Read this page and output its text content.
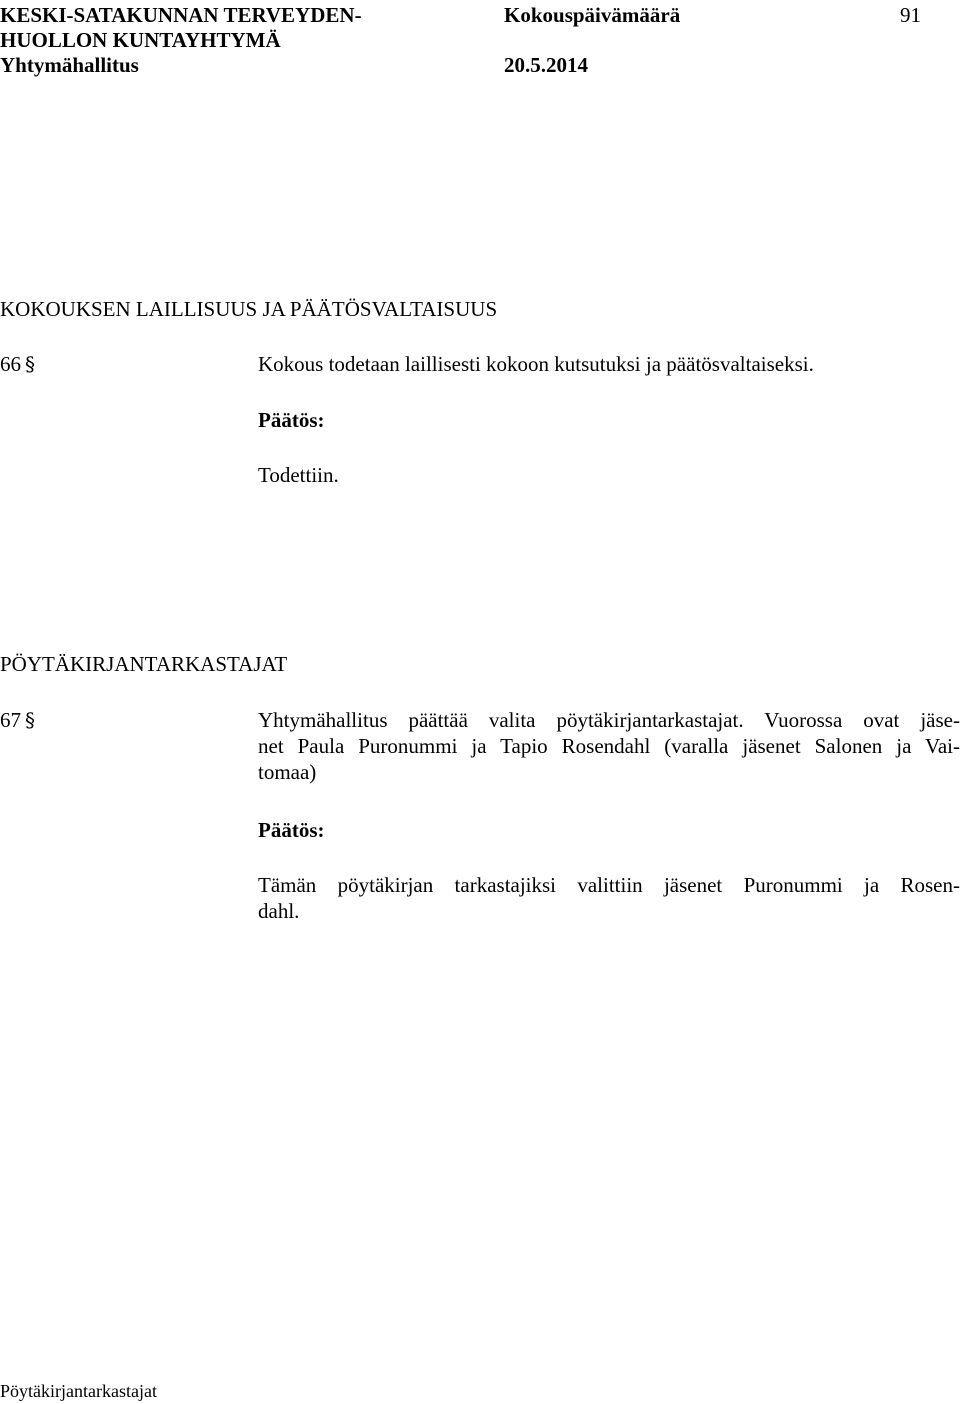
KESKI-SATAKUNNAN TERVEYDEN-
HUOLLON KUNTAYHTYMÄ
Yhtymähallitus
Kokouspäivämäärä
20.5.2014
91
KOKOUKSEN LAILLISUUS JA PÄÄTÖSVALTAISUUS
66 §	Kokous todetaan laillisesti kokoon kutsutuksi ja päätösvaltaiseksi.
Päätös:
Todettiin.
PÖYTÄKIRJANTARKASTAJAT
67 §	Yhtymähallitus päättää valita pöytäkirjantarkastajat. Vuorossa ovat jäse-
net Paula Puronummi ja Tapio Rosendahl (varalla jäsenet Salonen ja Vai-
tomaa)
Päätös:
Tämän pöytäkirjan tarkastajiksi valittiin jäsenet Puronummi ja Rosen-
dahl.
Pöytäkirjantarkastajat
